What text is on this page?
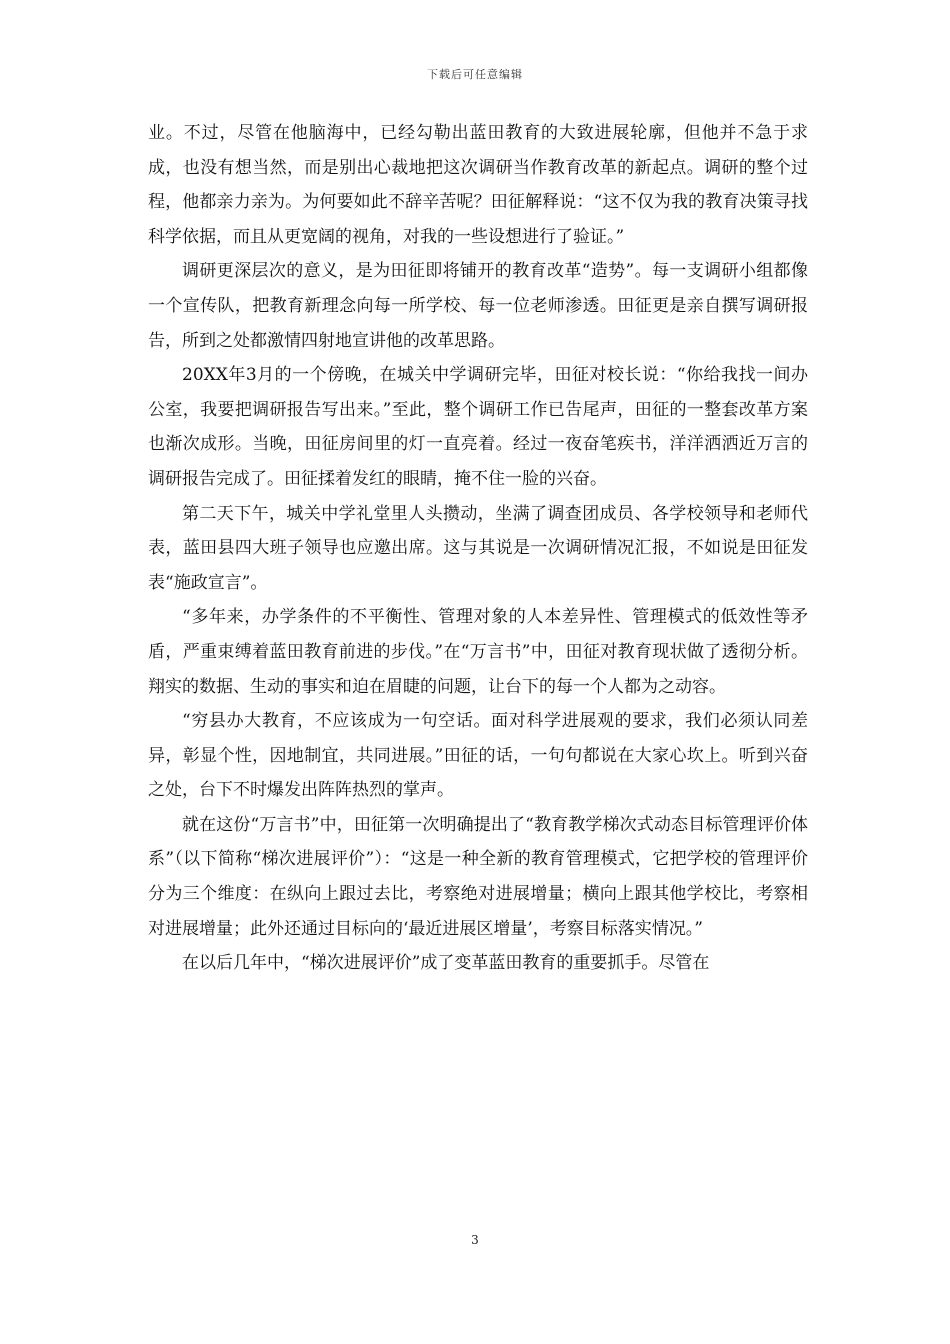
下载后可任意编辑

业。不过，尽管在他脑海中，已经勾勒出蓝田教育的大致进展轮廓，但他并不急于求成，也没有想当然，而是别出心裁地把这次调研当作教育改革的新起点。调研的整个过程，他都亲力亲为。为何要如此不辞辛苦呢？田征解释说：“这不仅为我的教育决策寻找科学依据，而且从更宽阔的视角，对我的一些设想进行了验证。”

调研更深层次的意义，是为田征即将铺开的教育改革“造势”。每一支调研小组都像一个宣传队，把教育新理念向每一所学校、每一位老师渗透。田征更是亲自撰写调研报告，所到之处都激情四射地宣讲他的改革思路。

20XX年3月的一个傍晚，在城关中学调研完毕，田征对校长说：“你给我找一间办公室，我要把调研报告写出来。”至此，整个调研工作已告尾声，田征的一整套改革方案也渐次成形。当晚，田征房间里的灯一直亮着。经过一夜奋笔疾书，洋洋洒洒近万言的调研报告完成了。田征揉着发红的眼睛，掩不住一脸的兴奋。

第二天下午，城关中学礼堂里人头攒动，坐满了调查团成员、各学校领导和老师代表，蓝田县四大班子领导也应邀出席。这与其说是一次调研情况汇报，不如说是田征发表“施政宣言”。

“多年来，办学条件的不平衡性、管理对象的人本差异性、管理模式的低效性等矛盾，严重束缚着蓝田教育前进的步伐。”在“万言书”中，田征对教育现状做了透彻分析。翔实的数据、生动的事实和迫在眉睫的问题，让台下的每一个人都为之动容。

“穷县办大教育，不应该成为一句空话。面对科学进展观的要求，我们必须认同差异，彰显个性，因地制宜，共同进展。”田征的话，一句句都说在大家心坎上。听到兴奋之处，台下不时爆发出阵阵热烈的掌声。

就在这份“万言书”中，田征第一次明确提出了“教育教学梯次式动态目标管理评价体系”（以下简称“梯次进展评价”）：“这是一种全新的教育管理模式，它把学校的管理评价分为三个维度：在纵向上跟过去比，考察绝对进展增量；横向上跟其他学校比，考察相对进展增量；此外还通过目标向的‘最近进展区增量’，考察目标落实情况。”

在以后几年中，“梯次进展评价”成了变革蓝田教育的重要抓手。尽管在

3
